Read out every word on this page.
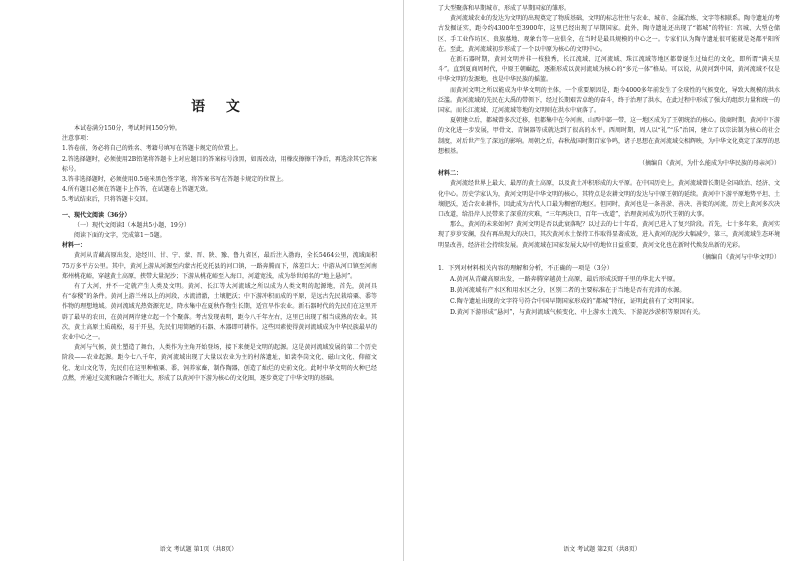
语 文

本试卷满分150分，考试时间150分钟。

注意事项：

1.答卷前，务必将自己的姓名、考籍号填写在答题卡规定的位置上。

2.答选择题时，必须使用2B铅笔将答题卡上对应题目的答案标号涂黑，如需改动，用橡皮擦擦干净后，再选涂其它答案标号。

3.答非选择题时，必须使用0.5毫米黑色签字笔，将答案书写在答题卡规定的位置上。

4.所有题目必须在答题卡上作答，在试题卷上答题无效。

5.考试结束后，只将答题卡交回。

一、现代文阅读（36分）

（一）现代文阅读Ⅰ（本题共5小题，19分）

阅读下面的文字，完成第1～5题。

材料一：

黄河从青藏高原出发，途经川、甘、宁、蒙、晋、陕、豫、鲁九省区，最后注入渤海，全长5464公里，流域面积75万多平方公里。其中，黄河上游从河源至内蒙古托克托县的河口镇，一路奔腾而下，落差巨大；中游从河口镇至河南郑州桃花峪，穿越黄土高原，挟带大量泥沙；下游从桃花峪至入海口，河道宽浅，成为举世闻名的“地上悬河”。

有了大河，并不一定就产生人类及文明。黄河、长江等大河流域之所以成为人类文明的起源地，首先，黄河具有“泰稷”的条件。黄河上游兰州以上的河段，水流清澈，土壤肥沃；中下游冲积而成的平原，是远古先民栽培粟、黍等作物的理想地域。黄河流域光热资源充足，降水集中在夏秋作物生长期，适宜旱作农业。新石器时代的先民们在这里开辟了最早的农田，在黄河两岸建立起一个个聚落。考古发现表明，距今八千年左右，这里已出现了相当成熟的农业。其次，黄土高原土质疏松，易于开垦，先民们用简陋的石器、木器即可耕作。这些因素使得黄河流域成为中华民族最早的农业中心之一。

黄河与气候，黄土塑造了舞台，人类作为主角开始登场，接下来便是文明的起源。这是黄河流域发展的第二个历史阶段——农业起源。距今七八千年，黄河流域出现了大量以农业为主的村落遗址，如裴李岗文化、磁山文化、仰韶文化、龙山文化等，先民们在这里种植粟、黍，饲养家畜，制作陶器，创造了灿烂的史前文化。此时中华文明的火种已经点燃，并通过交流和融合不断壮大，形成了以黄河中下游为核心的文化圈，逐步奠定了中华文明的基础。

语文 考试题 第1页（共8页）

了大型聚落和早期城市，形成了早期国家的雏形。

黄河流域农业的发达为文明的出现奠定了物质基础，文明的标志往往与农业、城市、金属冶炼、文字等相联系。陶寺遗址的考古发掘证实，距今约4300年至3900年，这里已经出现了早期国家。此外，陶寺遗址还出现了“都城”的特征：宫城、大型仓储区、手工业作坊区、贵族墓地、观象台等一应俱全，在当时是最具规模的中心之一。专家们认为陶寺遗址很可能就是尧都平阳所在。至此，黄河流域初步形成了一个以中原为核心的文明中心。

在新石器时期，黄河文明并非一枝独秀，长江流域、辽河流域、珠江流域等地区都曾诞生过灿烂的文化，即所谓“满天星斗”。直到夏商周时代，中原王朝崛起，逐渐形成以黄河流域为核心的“多元一体”格局。可以说，从黄河到中国，黄河流域不仅是中华文明的发源地，也是中华民族的摇篮。

而黄河文明之所以能成为中华文明的主体，一个重要原因是，距今4000多年前发生了全球性的气候变化，导致大规模的洪水泛滥。黄河流域的先民在大禹的带领下，经过长期艰苦卓绝的奋斗，终于治理了洪水，在此过程中形成了强大的组织力量和统一的国家。而长江流域、辽河流域等地的文明则在洪水中衰落了。

夏朝建立后，都城曾多次迁移，但都集中在今河南、山西中部一带，这一地区成为了王朝统治的核心。殷商时期，黄河中下游的文化进一步发展，甲骨文、青铜器等成就达到了很高的水平。西周时期，周人以“礼”“乐”治国，建立了以宗法制为核心的社会制度，对后世产生了深远的影响。周朝之后，春秋战国时期百家争鸣，诸子思想在黄河流域交相辉映，为中华文化奠定了深厚的思想根基。

（摘编自《黄河，为什么能成为中华民族的母亲河》）

材料二：

黄河流经世界上最大、最厚的黄土高原，以及黄土冲积形成的大平原。在中国历史上，黄河流域曾长期是全国政治、经济、文化中心。历史学家认为，黄河文明是中华文明的核心，其特点是农耕文明的发达与中原王朝的延续。黄河中下游平原地势平坦、土壤肥沃，适合农业耕作，因此成为古代人口最为稠密的地区。但同时，黄河也是一条善淤、善决、善徙的河流，历史上黄河多次决口改道，给沿岸人民带来了深重的灾难，“三年两决口，百年一改道”，治理黄河成为历代王朝的大事。

那么，黄河的未来如何？黄河文明是否以此衰落呢？以过去的七十年看，黄河已进入了复兴阶段。首先，七十多年来，黄河实现了岁岁安澜，没有再出现大的决口，其次黄河水土保持工作取得显著成效，进入黄河的泥沙大幅减少，第三，黄河流域生态环境明显改善，经济社会持续发展。黄河流域在国家发展大局中的地位日益重要，黄河文化也在新时代焕发出新的光彩。

（摘编自《黄河与中华文明》）

1．下列对材料相关内容的理解和分析，不正确的一项是（3分）

A.黄河从青藏高原出发，一路奔腾穿越黄土高原，最后形成沃野千里的华北大平原。

B.黄河流域有产水区和用水区之分，区别二者的主要标准在于当地是否有充沛的水源。

C.陶寺遗址出现的文字符号符合中国早期国家形成的“都城”特征，证明此前有了文明国家。

D.黄河下游形成“悬河”，与黄河流域气候变化、中上游水土流失、下游泥沙淤积等原因有关。

语文 考试题 第2页（共8页）
